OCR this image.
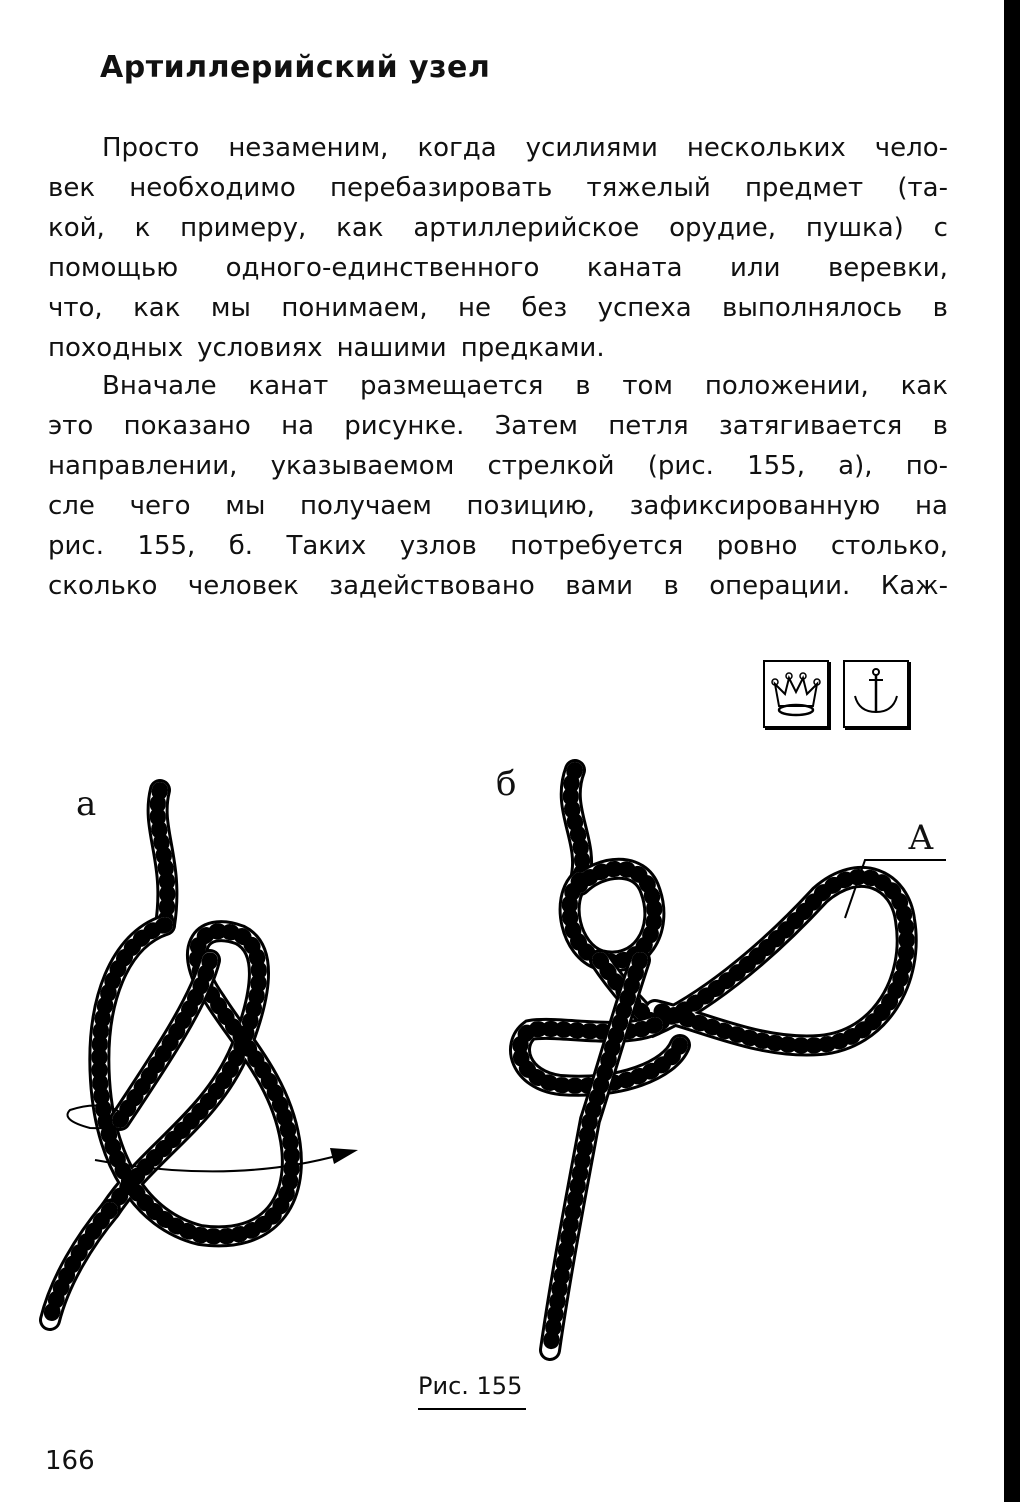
Артиллерийский узел
Просто незаменим, когда усилиями нескольких чело-
век необходимо перебазировать тяжелый предмет (та-
кой, к примеру, как артиллерийское орудие, пушка) с
помощью одного-единственного каната или веревки,
что, как мы понимаем, не без успеха выполнялось в
походных условиях нашими предками.
Вначале канат размещается в том положении, как
это показано на рисунке. Затем петля затягивается в
направлении, указываемом стрелкой (рис. 155, а), по-
сле чего мы получаем позицию, зафиксированную на
рис. 155, б. Таких узлов потребуется ровно столько,
сколько человек задействовано вами в операции. Каж-
а	б
А
Рис. 155
166
